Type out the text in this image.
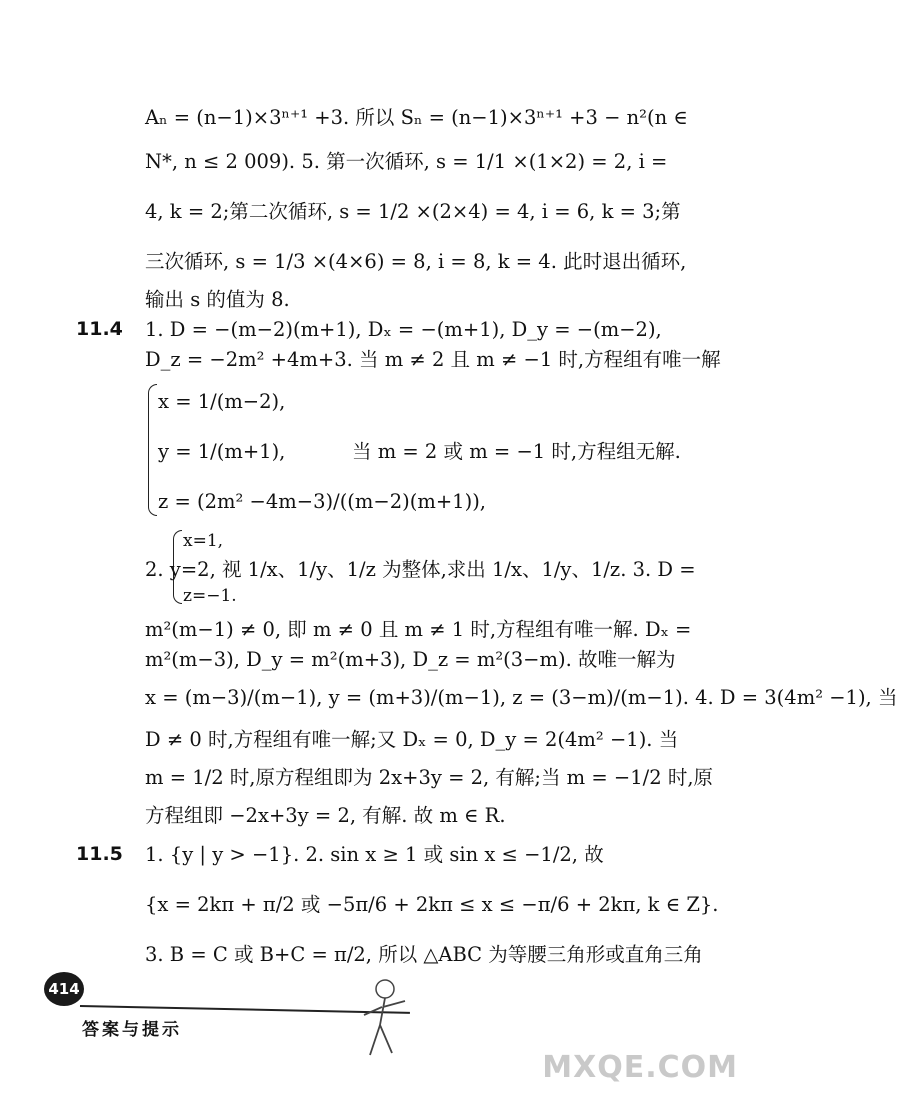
11.4
11.5
Aₙ = (n−1)×3ⁿ⁺¹ +3. 所以 Sₙ = (n−1)×3ⁿ⁺¹ +3 − n²(n ∈
N*, n ≤ 2 009). 5. 第一次循环, s = 1/1 ×(1×2) = 2, i =
4, k = 2;第二次循环, s = 1/2 ×(2×4) = 4, i = 6, k = 3;第
三次循环, s = 1/3 ×(4×6) = 8, i = 8, k = 4. 此时退出循环,
输出 s 的值为 8.
1. D = −(m−2)(m+1), Dₓ = −(m+1), D_y = −(m−2),
D_z = −2m² +4m+3. 当 m ≠ 2 且 m ≠ −1 时,方程组有唯一解
x = 1/(m−2),
y = 1/(m+1),	当 m = 2 或 m = −1 时,方程组无解.
z = (2m² −4m−3)/((m−2)(m+1)),
x=1,
2. y=2, 视 1/x、1/y、1/z 为整体,求出 1/x、1/y、1/z. 3. D =
z=−1.
m²(m−1) ≠ 0, 即 m ≠ 0 且 m ≠ 1 时,方程组有唯一解. Dₓ =
m²(m−3), D_y = m²(m+3), D_z = m²(3−m). 故唯一解为
x = (m−3)/(m−1), y = (m+3)/(m−1), z = (3−m)/(m−1). 4. D = 3(4m² −1), 当
D ≠ 0 时,方程组有唯一解;又 Dₓ = 0, D_y = 2(4m² −1). 当
m = 1/2 时,原方程组即为 2x+3y = 2, 有解;当 m = −1/2 时,原
方程组即 −2x+3y = 2, 有解. 故 m ∈ R.
1. {y | y > −1}. 2. sin x ≥ 1 或 sin x ≤ −1/2, 故
{x = 2kπ + π/2 或 −5π/6 + 2kπ ≤ x ≤ −π/6 + 2kπ, k ∈ Z}.
3. B = C 或 B+C = π/2, 所以 △ABC 为等腰三角形或直角三角
414
答案与提示
MXQE.COM
